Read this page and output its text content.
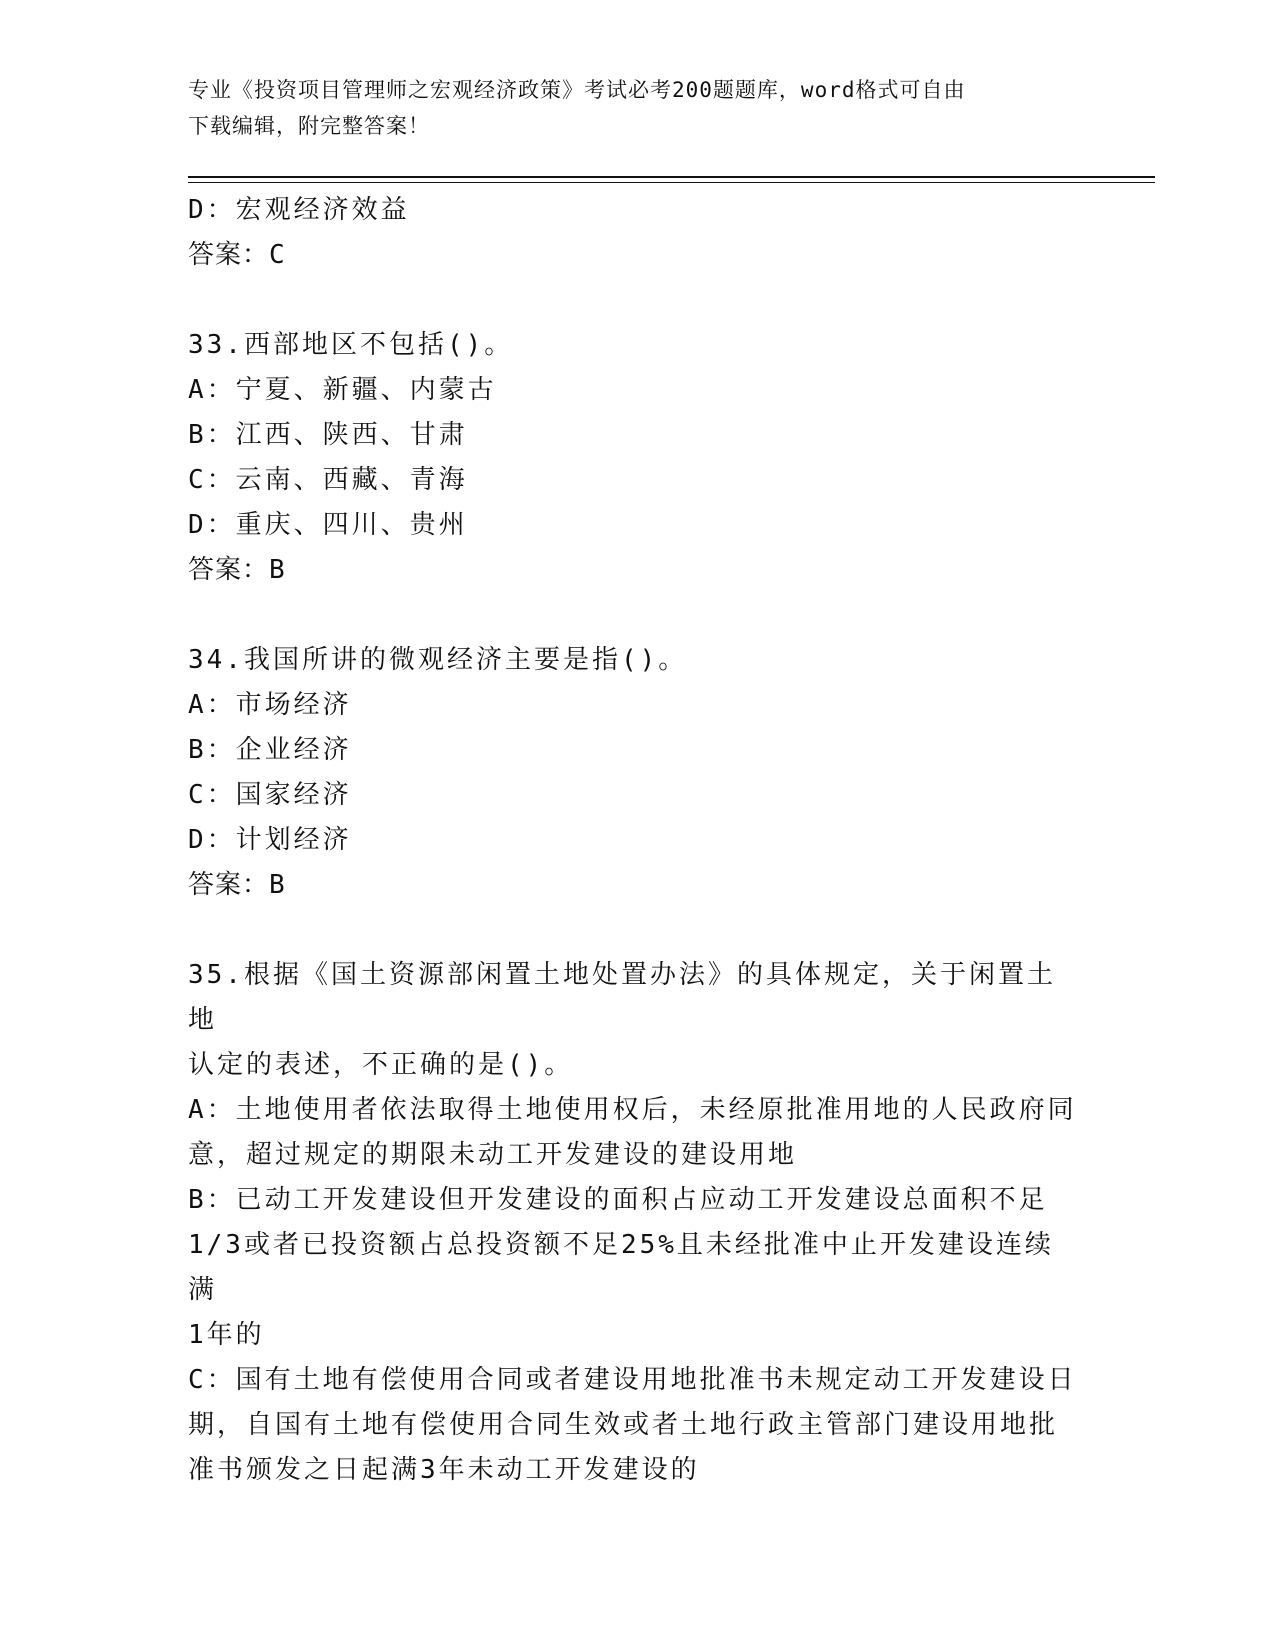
专业《投资项目管理师之宏观经济政策》考试必考200题题库，word格式可自由
下载编辑，附完整答案！

D：宏观经济效益

答案：C

33.西部地区不包括()。

A：宁夏、新疆、内蒙古

B：江西、陕西、甘肃

C：云南、西藏、青海

D：重庆、四川、贵州

答案：B

34.我国所讲的微观经济主要是指()。

A：市场经济

B：企业经济

C：国家经济

D：计划经济

答案：B

35.根据《国土资源部闲置土地处置办法》的具体规定，关于闲置土地

认定的表述，不正确的是()。

A：土地使用者依法取得土地使用权后，未经原批准用地的人民政府同

意，超过规定的期限未动工开发建设的建设用地

B：已动工开发建设但开发建设的面积占应动工开发建设总面积不足

1/3或者已投资额占总投资额不足25%且未经批准中止开发建设连续满

1年的

C：国有土地有偿使用合同或者建设用地批准书未规定动工开发建设日

期，自国有土地有偿使用合同生效或者土地行政主管部门建设用地批

准书颁发之日起满3年未动工开发建设的
